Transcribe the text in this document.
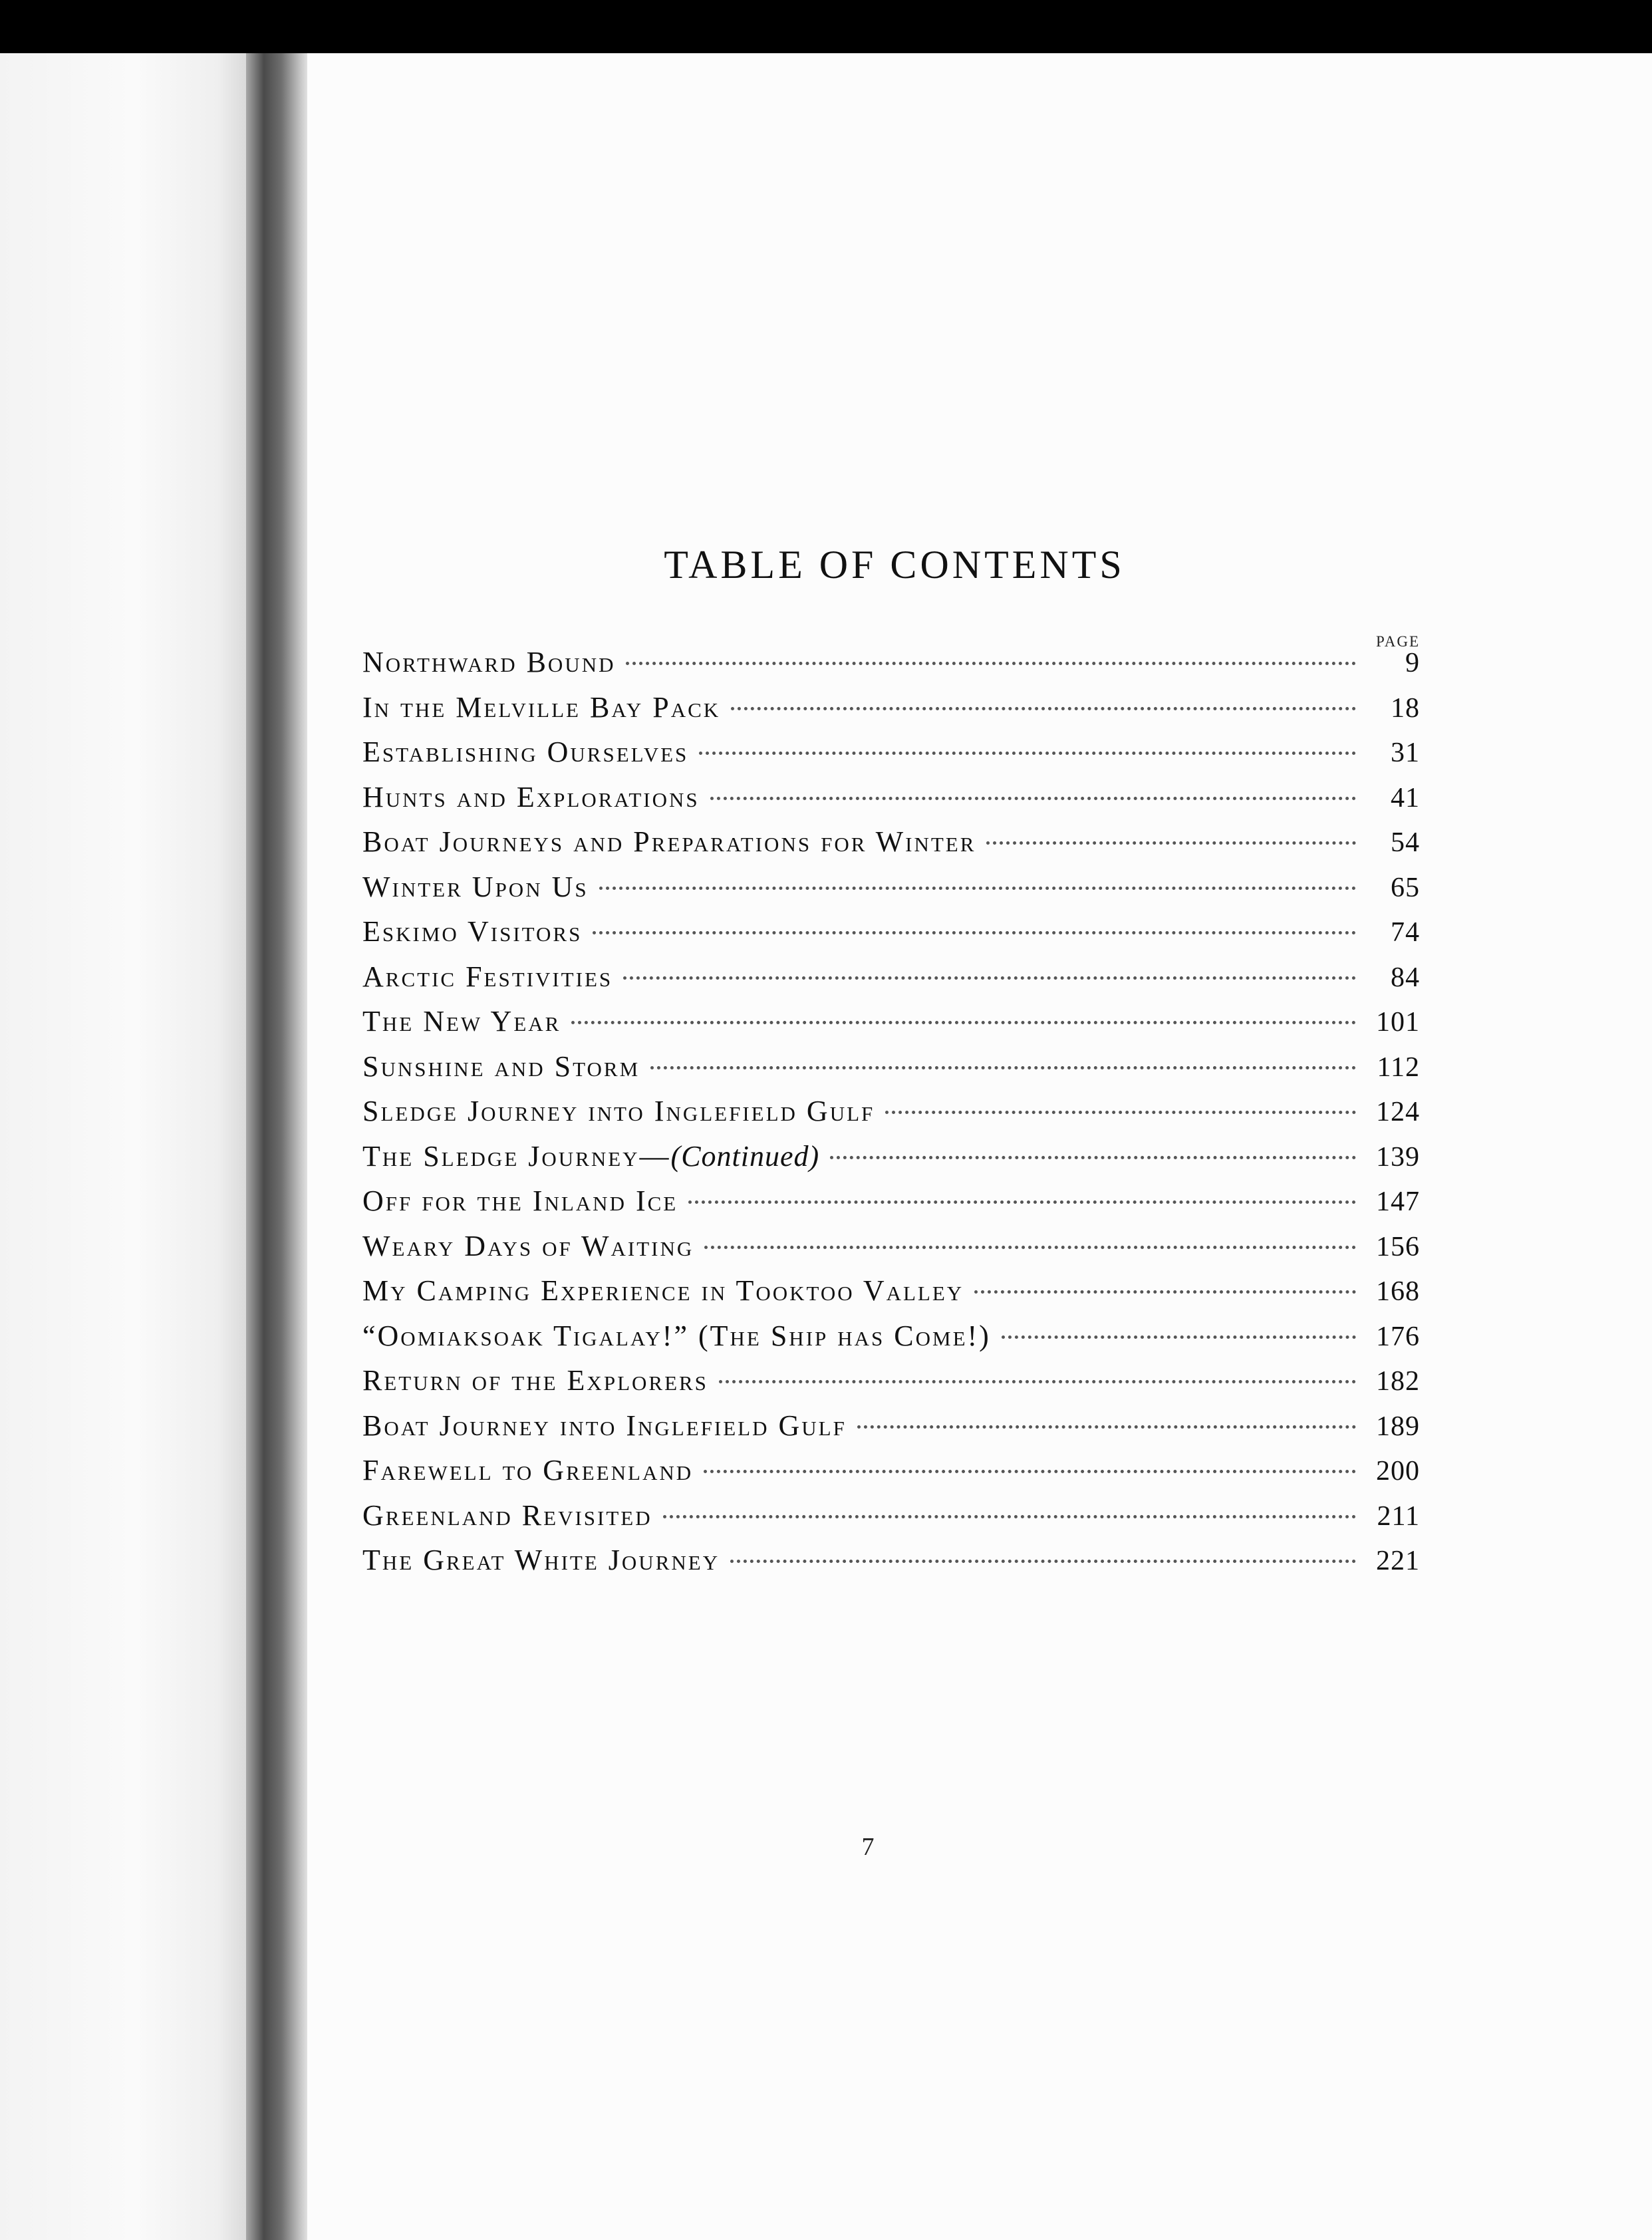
TABLE OF CONTENTS
PAGE
Northward Bound	9
In the Melville Bay Pack	18
Establishing Ourselves	31
Hunts and Explorations	41
Boat Journeys and Preparations for Winter	54
Winter Upon Us	65
Eskimo Visitors	74
Arctic Festivities	84
The New Year	101
Sunshine and Storm	112
Sledge Journey into Inglefield Gulf	124
The Sledge Journey—(Continued)	139
Off for the Inland Ice	147
Weary Days of Waiting	156
My Camping Experience in Tooktoo Valley	168
“Oomiaksoak Tigalay!” (The Ship has Come!)	176
Return of the Explorers	182
Boat Journey into Inglefield Gulf	189
Farewell to Greenland	200
Greenland Revisited	211
The Great White Journey	221
7
